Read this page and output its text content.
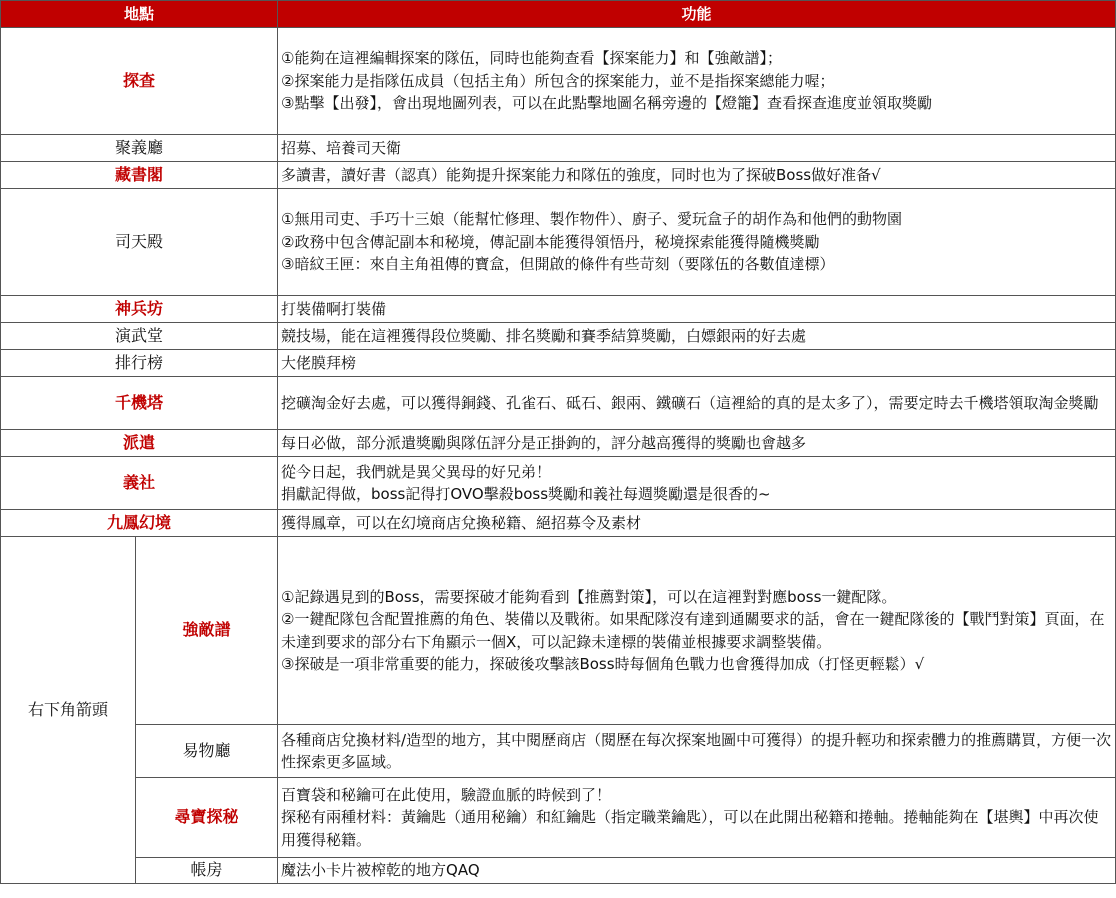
地點		功能
探查		①能夠在這裡編輯探案的隊伍，同時也能夠查看【探案能力】和【強敵譜】；
②探案能力是指隊伍成員（包括主角）所包含的探案能力，並不是指探案總能力喔；
③點擊【出發】，會出現地圖列表，可以在此點擊地圖名稱旁邊的【燈籠】查看探查進度並領取獎勵

聚義廳		招募、培養司天衛

藏書閣		多讀書，讀好書（認真）能夠提升探案能力和隊伍的強度，同时也为了探破Boss做好准备√

司天殿		①無用司吏、手巧十三娘（能幫忙修理、製作物件）、廚子、愛玩盒子的胡作為和他們的動物園
②政務中包含傳記副本和秘境，傳記副本能獲得領悟丹，秘境探索能獲得隨機獎勵
③暗紋王匣：來自主角祖傳的寶盒，但開啟的條件有些苛刻（要隊伍的各數值達標）

神兵坊		打裝備啊打裝備

演武堂		競技場，能在這裡獲得段位獎勵、排名獎勵和賽季結算獎勵，白嫖銀兩的好去處

排行榜		大佬膜拜榜

千機塔		挖礦淘金好去處，可以獲得銅錢、孔雀石、砥石、銀兩、鐵礦石（這裡給的真的是太多了），需要定時去千機塔領取淘金獎勵

派遣		每日必做，部分派遣獎勵與隊伍評分是正掛鉤的，評分越高獲得的獎勵也會越多

義社		從今日起，我們就是異父異母的好兄弟！
捐獻記得做，boss記得打OVO擊殺boss獎勵和義社每週獎勵還是很香的~

九鳳幻境		獲得鳳章，可以在幻境商店兌換秘籍、絕招募令及素材

右下角箭頭	強敵譜	①記錄遇見到的Boss，需要探破才能夠看到【推薦對策】，可以在這裡對對應boss一鍵配隊。
②一鍵配隊包含配置推薦的角色、裝備以及戰術。如果配隊沒有達到通關要求的話，會在一鍵配隊後的【戰鬥對策】頁面，在未達到要求的部分右下角顯示一個X，可以記錄未達標的裝備並根據要求調整裝備。
③探破是一項非常重要的能力，探破後攻擊該Boss時每個角色戰力也會獲得加成（打怪更輕鬆）√

	易物廳	各種商店兌換材料/造型的地方，其中閱歷商店（閱歷在每次探案地圖中可獲得）的提升輕功和探索體力的推薦購買，方便一次性探索更多區域。

	尋寶探秘	百寶袋和秘鑰可在此使用，驗證血脈的時候到了！
探秘有兩種材料：黃鑰匙（通用秘鑰）和紅鑰匙（指定職業鑰匙），可以在此開出秘籍和捲軸。捲軸能夠在【堪輿】中再次使用獲得秘籍。

	帳房	魔法小卡片被榨乾的地方QAQ
